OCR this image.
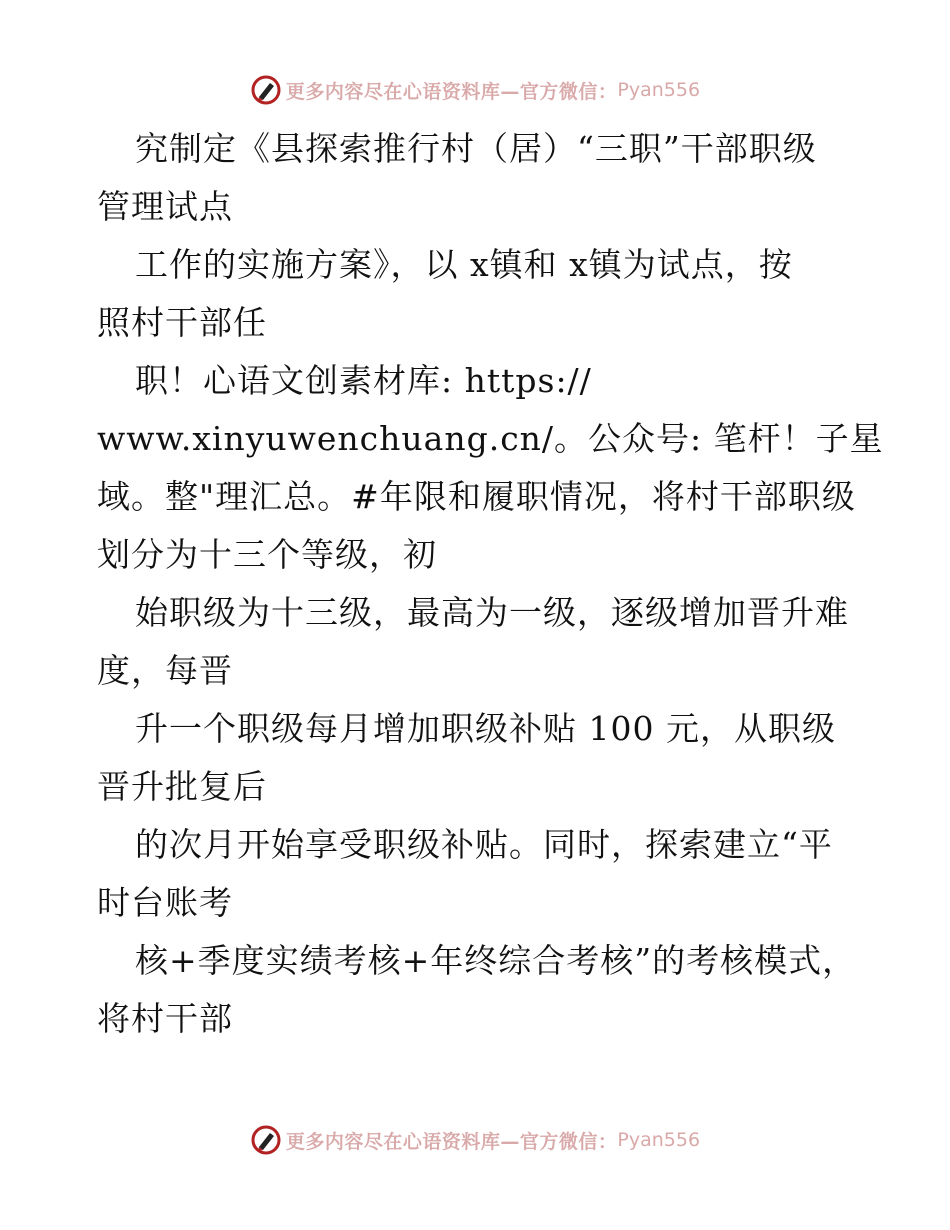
更多内容尽在心语资料库—官方微信： Pyan556
究制定《县探索推行村（居）“三职”干部职级
管理试点
工作的实施方案》，以 x镇和 x镇为试点，按
照村干部任
职！心语文创素材库: https://
www.xinyuwenchuang.cn/。公众号: 笔杆！子星
域。整"理汇总。#年限和履职情况，将村干部职级
划分为十三个等级，初
始职级为十三级，最高为一级，逐级增加晋升难
度，每晋
升一个职级每月增加职级补贴 100 元，从职级
晋升批复后
的次月开始享受职级补贴。同时，探索建立“平
时台账考
核+季度实绩考核+年终综合考核”的考核模式，
将村干部
更多内容尽在心语资料库—官方微信： Pyan556
